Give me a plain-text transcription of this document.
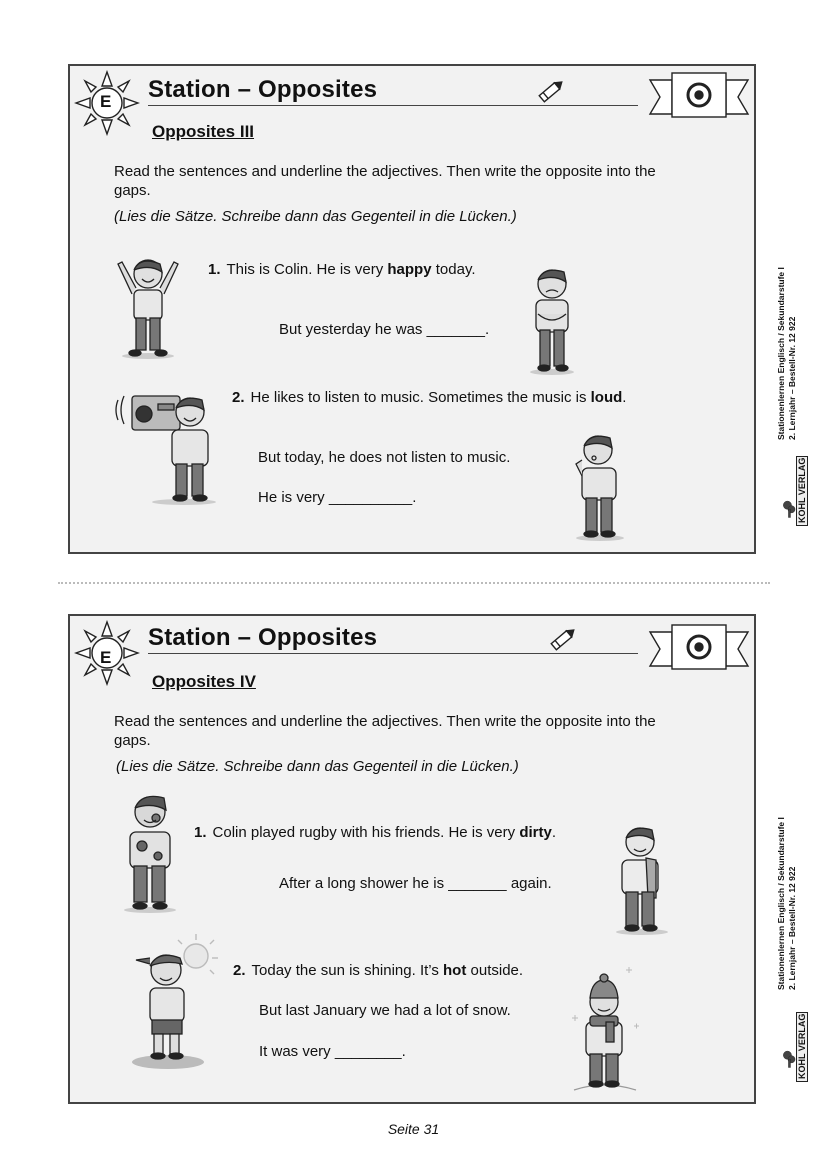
E Station – Opposites
Opposites III
Read the sentences and underline the adjectives. Then write the opposite into the gaps.
(Lies die Sätze. Schreibe dann das Gegenteil in die Lücken.)
1. This is Colin. He is very happy today.
But yesterday he was _______.
2. He likes to listen to music. Sometimes the music is loud.
But today, he does not listen to music.
He is very __________.
E
Station – Opposites
Opposites IV
Read the sentences and underline the adjectives. Then write the opposite into the gaps.
(Lies die Sätze. Schreibe dann das Gegenteil in die Lücken.)
1. Colin played rugby with his friends. He is very dirty.
After a long shower he is _______ again.
2. Today the sun is shining. It’s hot outside.
But last January we had a lot of snow.
It was very ________.
Stationenlernen Englisch / Sekundarstufe I 2. Lernjahr – Bestell-Nr. 12 922
KOHL VERLAG
Stationenlernen Englisch / Sekundarstufe I 2. Lernjahr – Bestell-Nr. 12 922
KOHL VERLAG
Seite 31
